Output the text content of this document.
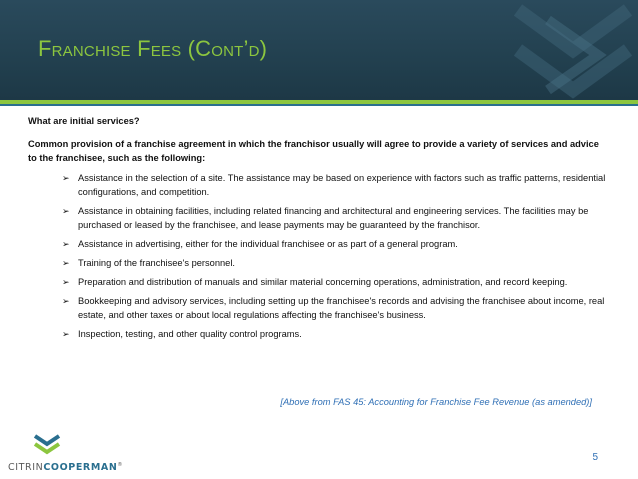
Franchise Fees (Cont’d)

What are initial services?

Common provision of a franchise agreement in which the franchisor usually will agree to provide a variety of services and advice to the franchisee, such as the following:

➢ Assistance in the selection of a site. The assistance may be based on experience with factors such as traffic patterns, residential configurations, and competition.
➢ Assistance in obtaining facilities, including related financing and architectural and engineering services. The facilities may be purchased or leased by the franchisee, and lease payments may be guaranteed by the franchisor.
➢ Assistance in advertising, either for the individual franchisee or as part of a general program.
➢ Training of the franchisee's personnel.
➢ Preparation and distribution of manuals and similar material concerning operations, administration, and record keeping.
➢ Bookkeeping and advisory services, including setting up the franchisee's records and advising the franchisee about income, real estate, and other taxes or about local regulations affecting the franchisee's business.
➢ Inspection, testing, and other quality control programs.
[Above from FAS 45: Accounting for Franchise Fee Revenue (as amended)]
CITRINCOOPERMAN®
5
